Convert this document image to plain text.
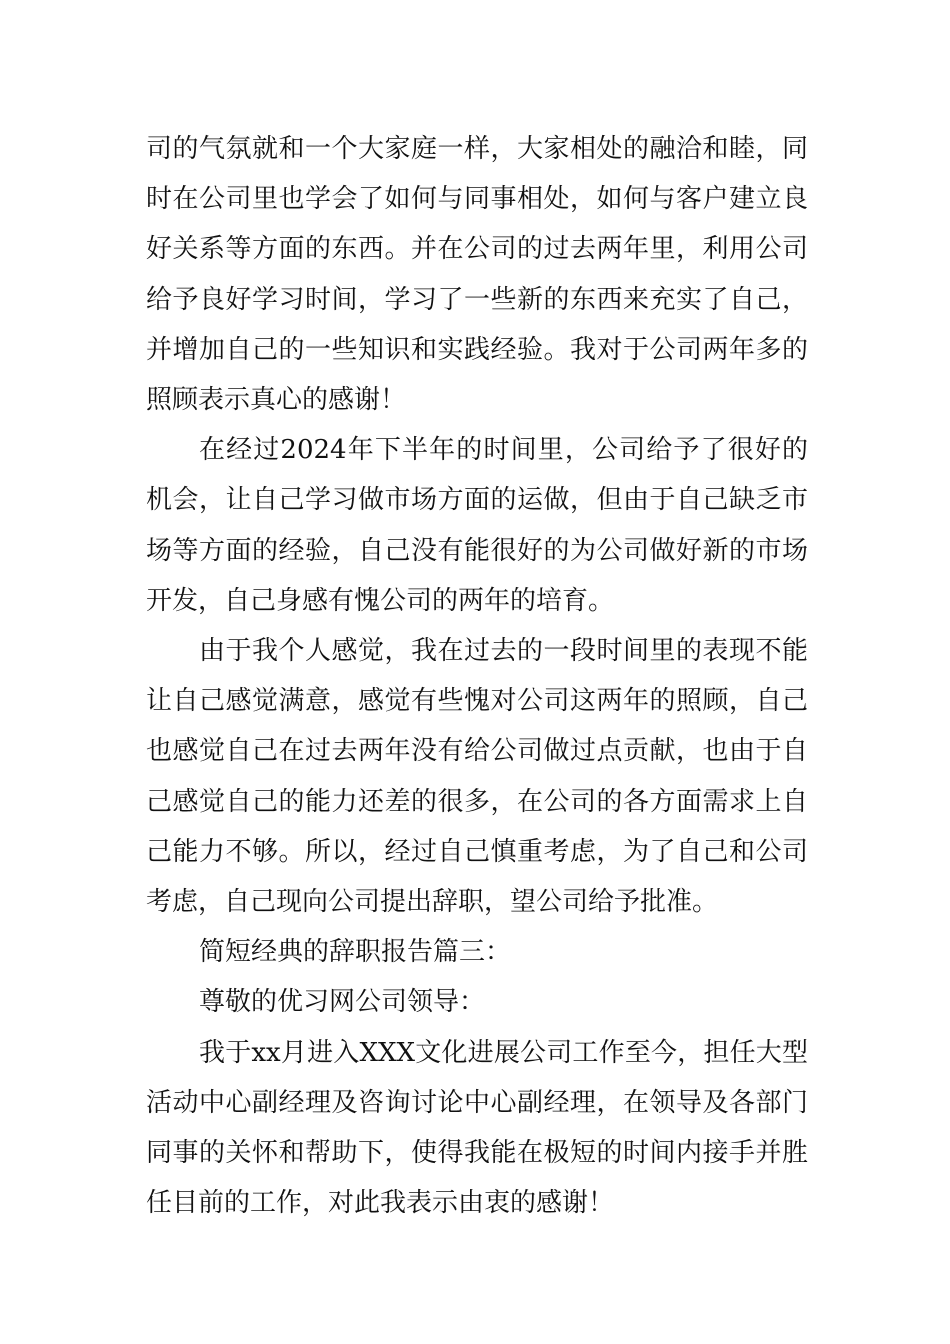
司的气氛就和一个大家庭一样，大家相处的融洽和睦，同时在公司里也学会了如何与同事相处，如何与客户建立良好关系等方面的东西。并在公司的过去两年里，利用公司给予良好学习时间，学习了一些新的东西来充实了自己，并增加自己的一些知识和实践经验。我对于公司两年多的照顾表示真心的感谢！

在经过2024年下半年的时间里，公司给予了很好的机会，让自己学习做市场方面的运做，但由于自己缺乏市场等方面的经验，自己没有能很好的为公司做好新的市场开发，自己身感有愧公司的两年的培育。

由于我个人感觉，我在过去的一段时间里的表现不能让自己感觉满意，感觉有些愧对公司这两年的照顾，自己也感觉自己在过去两年没有给公司做过点贡献，也由于自己感觉自己的能力还差的很多，在公司的各方面需求上自己能力不够。所以，经过自己慎重考虑，为了自己和公司考虑，自己现向公司提出辞职，望公司给予批准。

简短经典的辞职报告篇三：

尊敬的优习网公司领导：

我于xx月进入XXX文化进展公司工作至今，担任大型活动中心副经理及咨询讨论中心副经理，在领导及各部门同事的关怀和帮助下，使得我能在极短的时间内接手并胜任目前的工作，对此我表示由衷的感谢！
